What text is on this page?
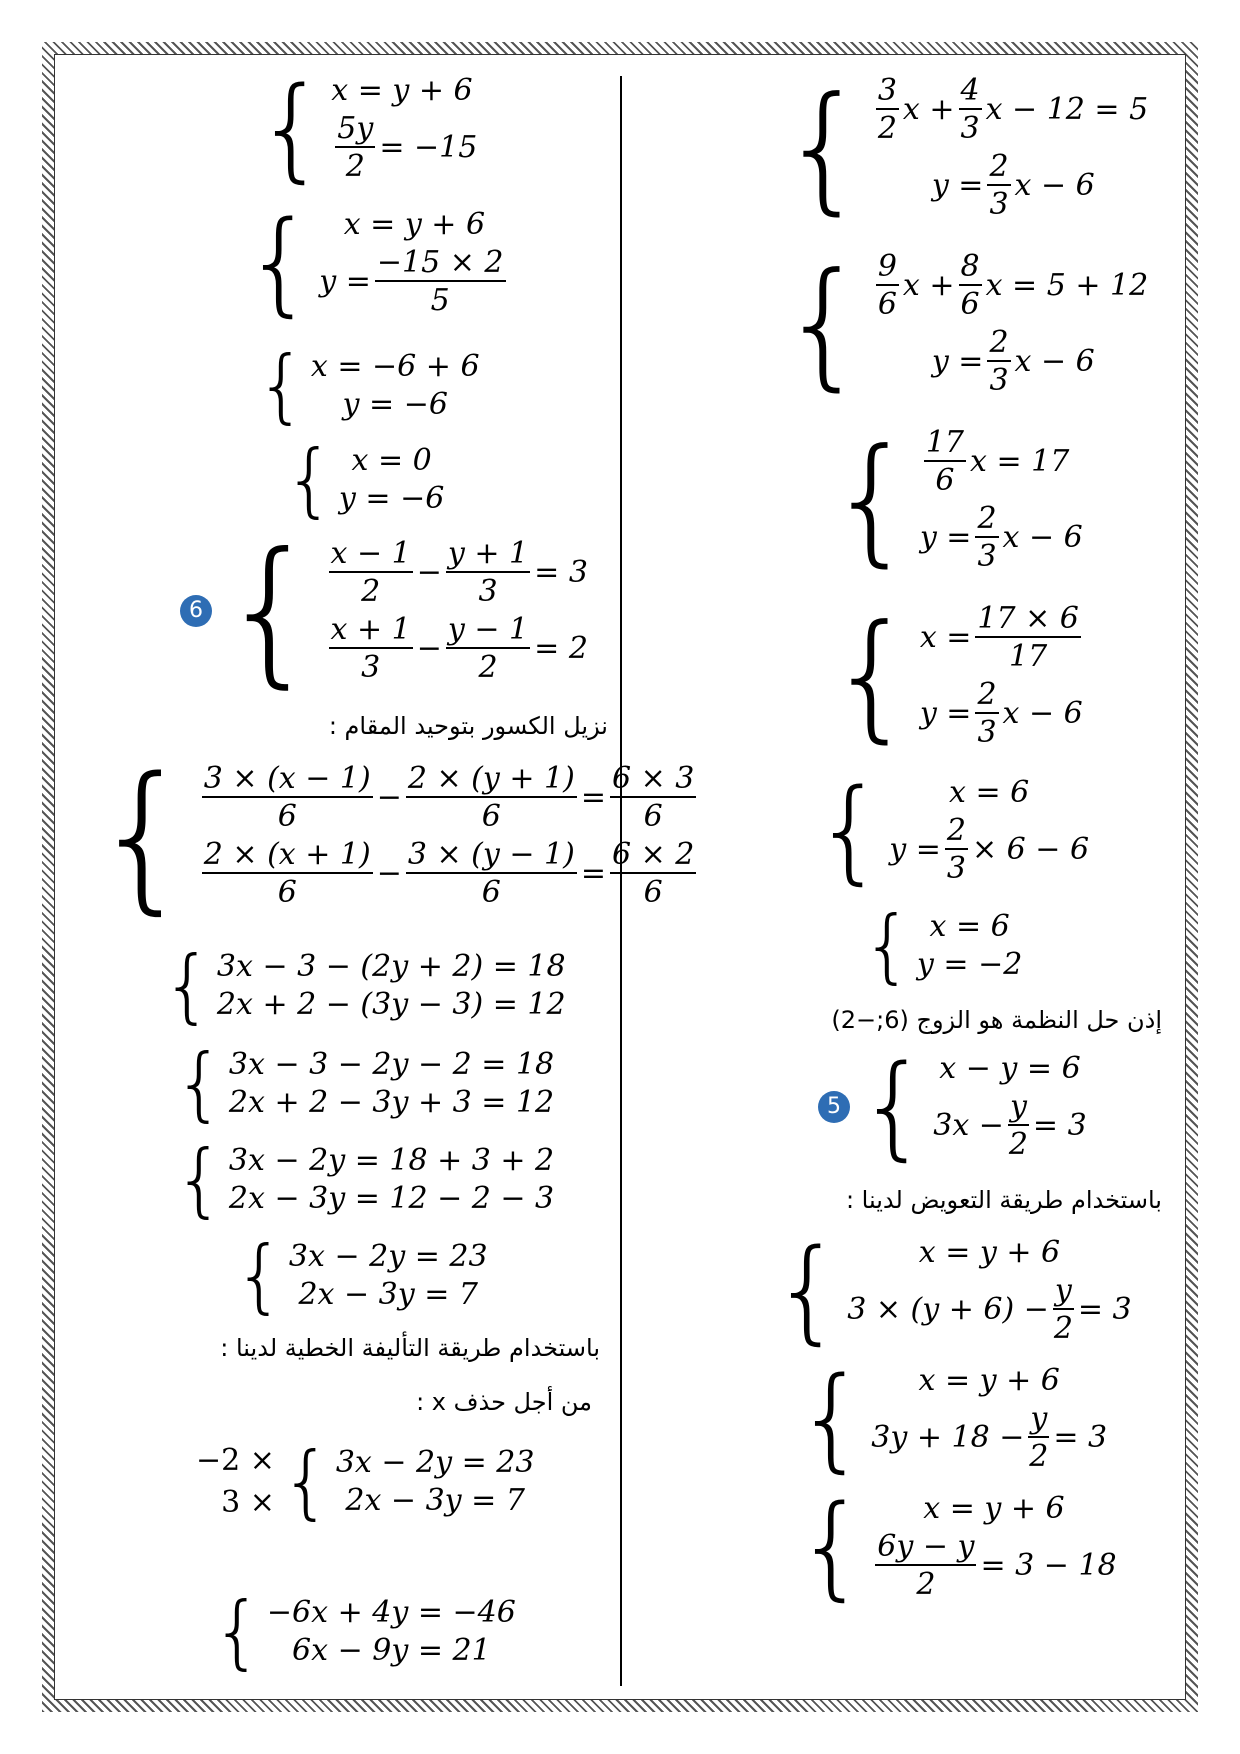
{ $\frac{3}{2}$ $x + \frac{4}{3}$ x − 12 = 5
$y = \frac{2}{3}$ x − 6
{ $\frac{9}{6}$ $x + \frac{8}{6}$ x = 5 + 12
$y = \frac{2}{3}$ x − 6
{ $\frac{17}{6}$ x = 17
$y = \frac{2}{3}$ x − 6
{ $x = \frac{17 \times 6}{17}$
$y = \frac{2}{3}$ x − 6
{ x = 6
$y = \frac{2}{3} \times 6 - 6$
{ x = 6
y = −2
إذن حل النظمة هو الزوج (6;−2)
5 { x − y = 6
$3x - \frac{y}{2} = 3$
باستخدام طريقة التعويض لدينا :
{	x = y + 6
$3 \times (y + 6) - \frac{y}{2} = 3$
{ x = y + 6
$3y + 18 - \frac{y}{2} = 3$
{ x = y + 6
$\frac{6y - y}{2} = 3 - 18$
{ x = y + 6
$\frac{5y}{2} = -15$
{ x = y + 6
$y = \frac{-15 \times 2}{5}$
{ x = −6 + 6
y = −6
{ x = 0
y = −6
6 { $\frac{x - 1}{2} - \frac{y + 1}{3} = 3$
$\frac{x + 1}{3} - \frac{y - 1}{2} = 2$
نزيل الكسور بتوحيد المقام :
{ $\frac{3 \times (x - 1)}{6} - \frac{2 \times (y + 1)}{6} = \frac{6 \times 3}{6}$
$\frac{2 \times (x + 1)}{6} - \frac{3 \times (y - 1)}{6} = \frac{6 \times 2}{6}$
{ 3x − 3 − (2y + 2) = 18
2x + 2 − (3y − 3) = 12
{ 3x − 3 − 2y − 2 = 18
2x + 2 − 3y + 3 = 12
{ 3x − 2y = 18 + 3 + 2
2x − 3y = 12 − 2 − 3
{ 3x − 2y = 23
2x − 3y = 7
باستخدام طريقة التأليفة الخطية لدينا :
من أجل حذف x :
−2 ×
3 × { 3x − 2y = 23
2x − 3y = 7
{ −6x + 4y = −46
6x − 9y = 21
